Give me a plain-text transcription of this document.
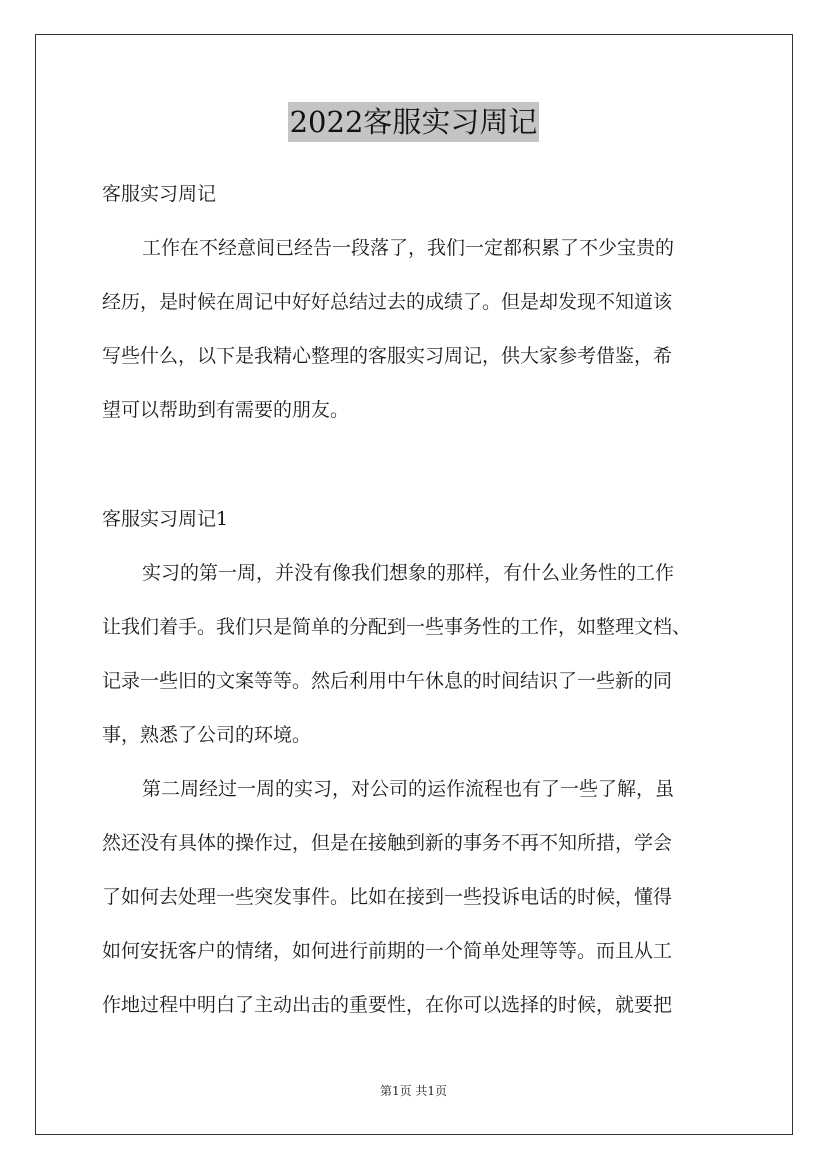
2022客服实习周记
客服实习周记
工作在不经意间已经告一段落了，我们一定都积累了不少宝贵的
经历，是时候在周记中好好总结过去的成绩了。但是却发现不知道该
写些什么，以下是我精心整理的客服实习周记，供大家参考借鉴，希
望可以帮助到有需要的朋友。
客服实习周记1
实习的第一周，并没有像我们想象的那样，有什么业务性的工作
让我们着手。我们只是简单的分配到一些事务性的工作，如整理文档、
记录一些旧的文案等等。然后利用中午休息的时间结识了一些新的同
事，熟悉了公司的环境。
第二周经过一周的实习，对公司的运作流程也有了一些了解，虽
然还没有具体的操作过，但是在接触到新的事务不再不知所措，学会
了如何去处理一些突发事件。比如在接到一些投诉电话的时候，懂得
如何安抚客户的情绪，如何进行前期的一个简单处理等等。而且从工
作地过程中明白了主动出击的重要性，在你可以选择的时候，就要把
第1页 共1页
